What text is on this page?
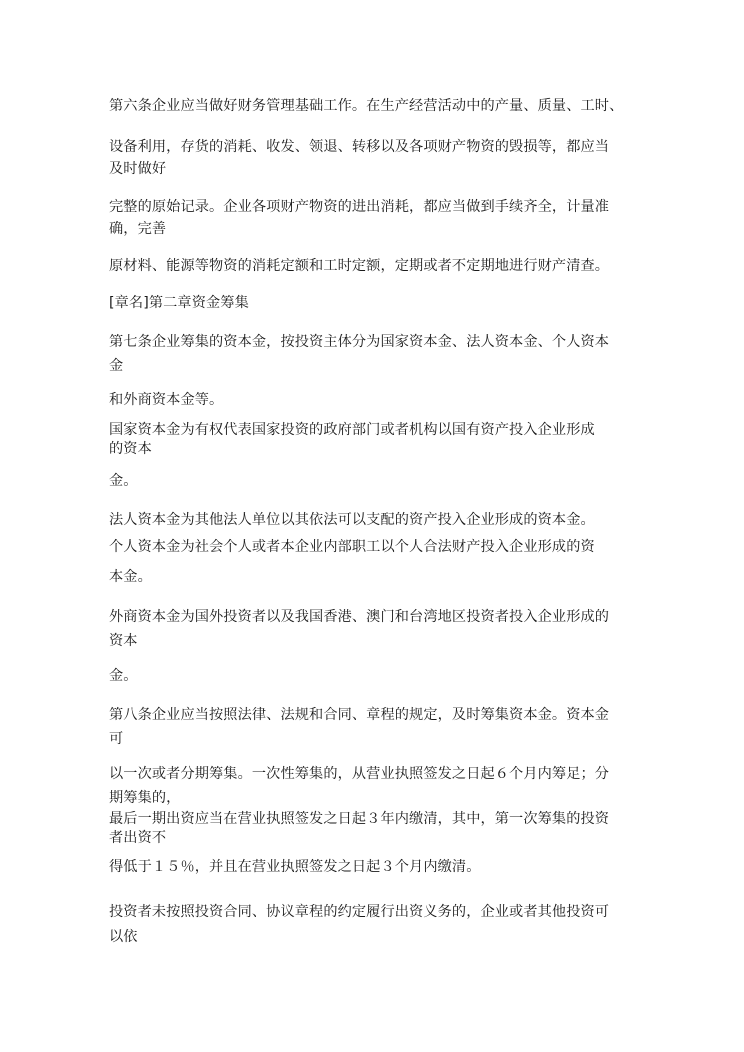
第六条企业应当做好财务管理基础工作。在生产经营活动中的产量、质量、工时、
设备利用，存货的消耗、收发、领退、转移以及各项财产物资的毁损等，都应当
及时做好
完整的原始记录。企业各项财产物资的进出消耗，都应当做到手续齐全，计量准
确，完善
原材料、能源等物资的消耗定额和工时定额，定期或者不定期地进行财产清查。
[章名]第二章资金筹集
第七条企业筹集的资本金，按投资主体分为国家资本金、法人资本金、个人资本
金
和外商资本金等。
国家资本金为有权代表国家投资的政府部门或者机构以国有资产投入企业形成
的资本
金。
法人资本金为其他法人单位以其依法可以支配的资产投入企业形成的资本金。
个人资本金为社会个人或者本企业内部职工以个人合法财产投入企业形成的资
本金。
外商资本金为国外投资者以及我国香港、澳门和台湾地区投资者投入企业形成的
资本
金。
第八条企业应当按照法律、法规和合同、章程的规定，及时筹集资本金。资本金
可
以一次或者分期筹集。一次性筹集的，从营业执照签发之日起６个月内筹足；分
期筹集的，
最后一期出资应当在营业执照签发之日起３年内缴清，其中，第一次筹集的投资
者出资不
得低于１５％，并且在营业执照签发之日起３个月内缴清。
投资者未按照投资合同、协议章程的约定履行出资义务的，企业或者其他投资可
以依
